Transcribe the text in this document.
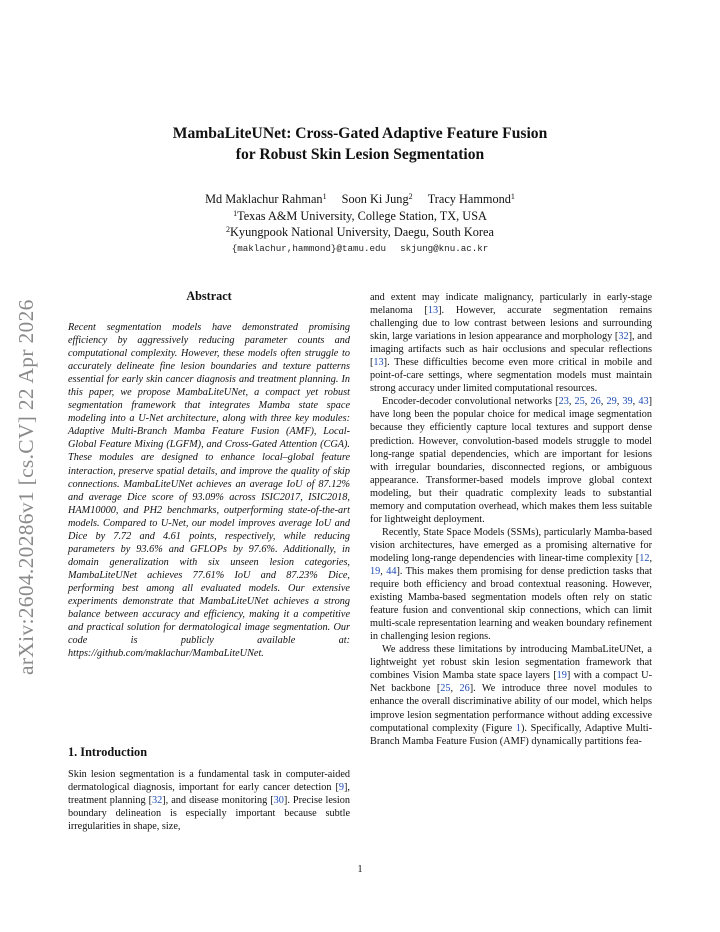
arXiv:2604.20286v1 [cs.CV] 22 Apr 2026
MambaLiteUNet: Cross-Gated Adaptive Feature Fusion
for Robust Skin Lesion Segmentation
Md Maklachur Rahman$^1$ Soon Ki Jung$^2$ Tracy Hammond$^1$
$^1$Texas A&M University, College Station, TX, USA
$^2$Kyungpook National University, Daegu, South Korea
{maklachur,hammond}@tamu.edu skjung@knu.ac.kr
Abstract
Recent segmentation models have demonstrated promising efficiency by aggressively reducing parameter counts and computational complexity. However, these models often struggle to accurately delineate fine lesion boundaries and texture patterns essential for early skin cancer diagnosis and treatment planning. In this paper, we propose MambaLiteUNet, a compact yet robust segmentation framework that integrates Mamba state space modeling into a U-Net architecture, along with three key modules: Adaptive Multi-Branch Mamba Feature Fusion (AMF), Local-Global Feature Mixing (LGFM), and Cross-Gated Attention (CGA). These modules are designed to enhance local–global feature interaction, preserve spatial details, and improve the quality of skip connections. MambaLiteUNet achieves an average IoU of 87.12% and average Dice score of 93.09% across ISIC2017, ISIC2018, HAM10000, and PH2 benchmarks, outperforming state-of-the-art models. Compared to U-Net, our model improves average IoU and Dice by 7.72 and 4.61 points, respectively, while reducing parameters by 93.6% and GFLOPs by 97.6%. Additionally, in domain generalization with six unseen lesion categories, MambaLiteUNet achieves 77.61% IoU and 87.23% Dice, performing best among all evaluated models. Our extensive experiments demonstrate that MambaLiteUNet achieves a strong balance between accuracy and efficiency, making it a competitive and practical solution for dermatological image segmentation. Our code is publicly available at: https://github.com/maklachur/MambaLiteUNet.
1. Introduction
Skin lesion segmentation is a fundamental task in computer-aided dermatological diagnosis, important for early cancer detection [9], treatment planning [32], and disease monitoring [30]. Precise lesion boundary delineation is especially important because subtle irregularities in shape, size,

and extent may indicate malignancy, particularly in early-stage melanoma [13]. However, accurate segmentation remains challenging due to low contrast between lesions and surrounding skin, large variations in lesion appearance and morphology [32], and imaging artifacts such as hair occlusions and specular reflections [13]. These difficulties become even more critical in mobile and point-of-care settings, where segmentation models must maintain strong accuracy under limited computational resources.

Encoder-decoder convolutional networks [23, 25, 26, 29, 39, 43] have long been the popular choice for medical image segmentation because they efficiently capture local textures and support dense prediction. However, convolution-based models struggle to model long-range spatial dependencies, which are important for lesions with irregular boundaries, disconnected regions, or ambiguous appearance. Transformer-based models improve global context modeling, but their quadratic complexity leads to substantial memory and computation overhead, which makes them less suitable for lightweight deployment.

Recently, State Space Models (SSMs), particularly Mamba-based vision architectures, have emerged as a promising alternative for modeling long-range dependencies with linear-time complexity [12, 19, 44]. This makes them promising for dense prediction tasks that require both efficiency and broad contextual reasoning. However, existing Mamba-based segmentation models often rely on static feature fusion and conventional skip connections, which can limit multi-scale representation learning and weaken boundary refinement in challenging lesion regions.

We address these limitations by introducing MambaLiteUNet, a lightweight yet robust skin lesion segmentation framework that combines Vision Mamba state space layers [19] with a compact U-Net backbone [25, 26]. We introduce three novel modules to enhance the overall discriminative ability of our model, which helps improve lesion segmentation performance without adding excessive computational complexity (Figure 1). Specifically, Adaptive Multi-Branch Mamba Feature Fusion (AMF) dynamically partitions fea-

1
